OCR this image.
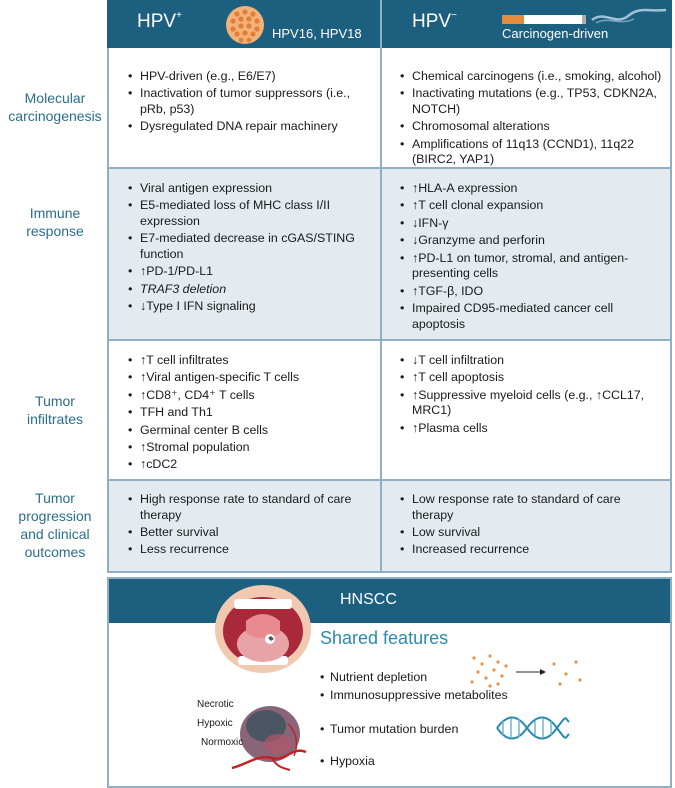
HPV+
HPV16, HPV18
HPV−
Carcinogen-driven
Molecular
carcinogenesis
Immune
response
Tumor
infiltrates
Tumor
progression
and clinical
outcomes
• HPV-driven (e.g., E6/E7)
• Inactivation of tumor suppressors (i.e., pRb, p53)
• Dysregulated DNA repair machinery
• Chemical carcinogens (i.e., smoking, alcohol)
• Inactivating mutations (e.g., TP53, CDKN2A, NOTCH)
• Chromosomal alterations
• Amplifications of 11q13 (CCND1), 11q22 (BIRC2, YAP1)
• Viral antigen expression
• E5-mediated loss of MHC class I/II expression
• E7-mediated decrease in cGAS/STING function
• ↑PD-1/PD-L1
• TRAF3 deletion
• ↓Type I IFN signaling
• ↑HLA-A expression
• ↑T cell clonal expansion
• ↓IFN-γ
• ↓Granzyme and perforin
• ↑PD-L1 on tumor, stromal, and antigen-presenting cells
• ↑TGF-β, IDO
• Impaired CD95-mediated cancer cell apoptosis
• ↑T cell infiltrates
• ↑Viral antigen-specific T cells
• ↑CD8⁺, CD4⁺ T cells
• TFH and Th1
• Germinal center B cells
• ↑Stromal population
• ↑cDC2
• ↓T cell infiltration
• ↑T cell apoptosis
• ↑Suppressive myeloid cells (e.g., ↑CCL17, MRC1)
• ↑Plasma cells
• High response rate to standard of care therapy
• Better survival
• Less recurrence
• Low response rate to standard of care therapy
• Low survival
• Increased recurrence
HNSCC
Shared features
• Nutrient depletion
• Immunosuppressive metabolites
• Tumor mutation burden
• Hypoxia
Necrotic
Hypoxic
Normoxic
